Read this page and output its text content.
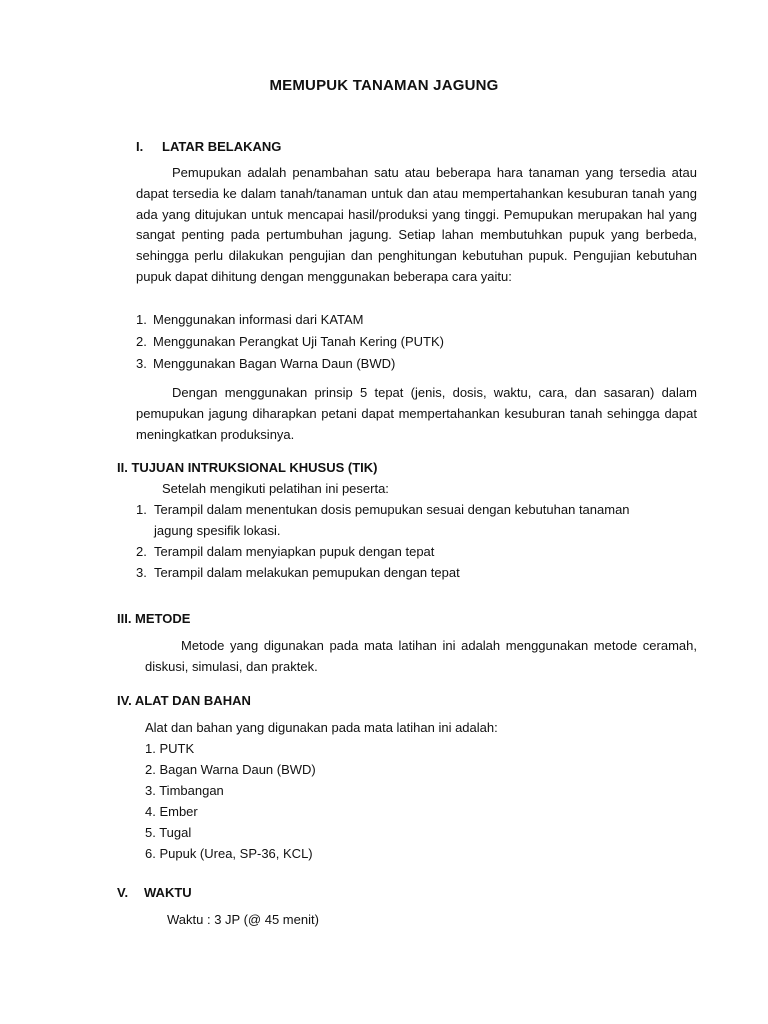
MEMUPUK TANAMAN JAGUNG
I. LATAR BELAKANG
Pemupukan adalah penambahan satu atau beberapa hara tanaman yang tersedia atau dapat tersedia ke dalam tanah/tanaman untuk dan atau mempertahankan kesuburan tanah yang ada yang ditujukan untuk mencapai hasil/produksi yang tinggi. Pemupukan merupakan hal yang sangat penting pada pertumbuhan jagung. Setiap lahan membutuhkan pupuk yang berbeda, sehingga perlu dilakukan pengujian dan penghitungan kebutuhan pupuk. Pengujian kebutuhan pupuk dapat dihitung dengan menggunakan beberapa cara yaitu:
1. Menggunakan informasi dari KATAM
2. Menggunakan Perangkat Uji Tanah Kering (PUTK)
3. Menggunakan Bagan Warna Daun (BWD)
Dengan menggunakan prinsip 5 tepat (jenis, dosis, waktu, cara, dan sasaran) dalam pemupukan jagung diharapkan petani dapat mempertahankan kesuburan tanah sehingga dapat meningkatkan produksinya.
II. TUJUAN INTRUKSIONAL KHUSUS (TIK)
Setelah mengikuti pelatihan ini peserta:
1. Terampil dalam menentukan dosis pemupukan sesuai dengan kebutuhan tanaman
jagung spesifik lokasi.
2. Terampil dalam menyiapkan pupuk dengan tepat
3. Terampil dalam melakukan pemupukan dengan tepat
III. METODE
Metode yang digunakan pada mata latihan ini adalah menggunakan metode ceramah, diskusi, simulasi, dan praktek.
IV. ALAT DAN BAHAN
Alat dan bahan yang digunakan pada mata latihan ini adalah:
1. PUTK
2. Bagan Warna Daun (BWD)
3. Timbangan
4. Ember
5. Tugal
6. Pupuk (Urea, SP-36, KCL)
V. WAKTU
Waktu : 3 JP (@ 45 menit)
